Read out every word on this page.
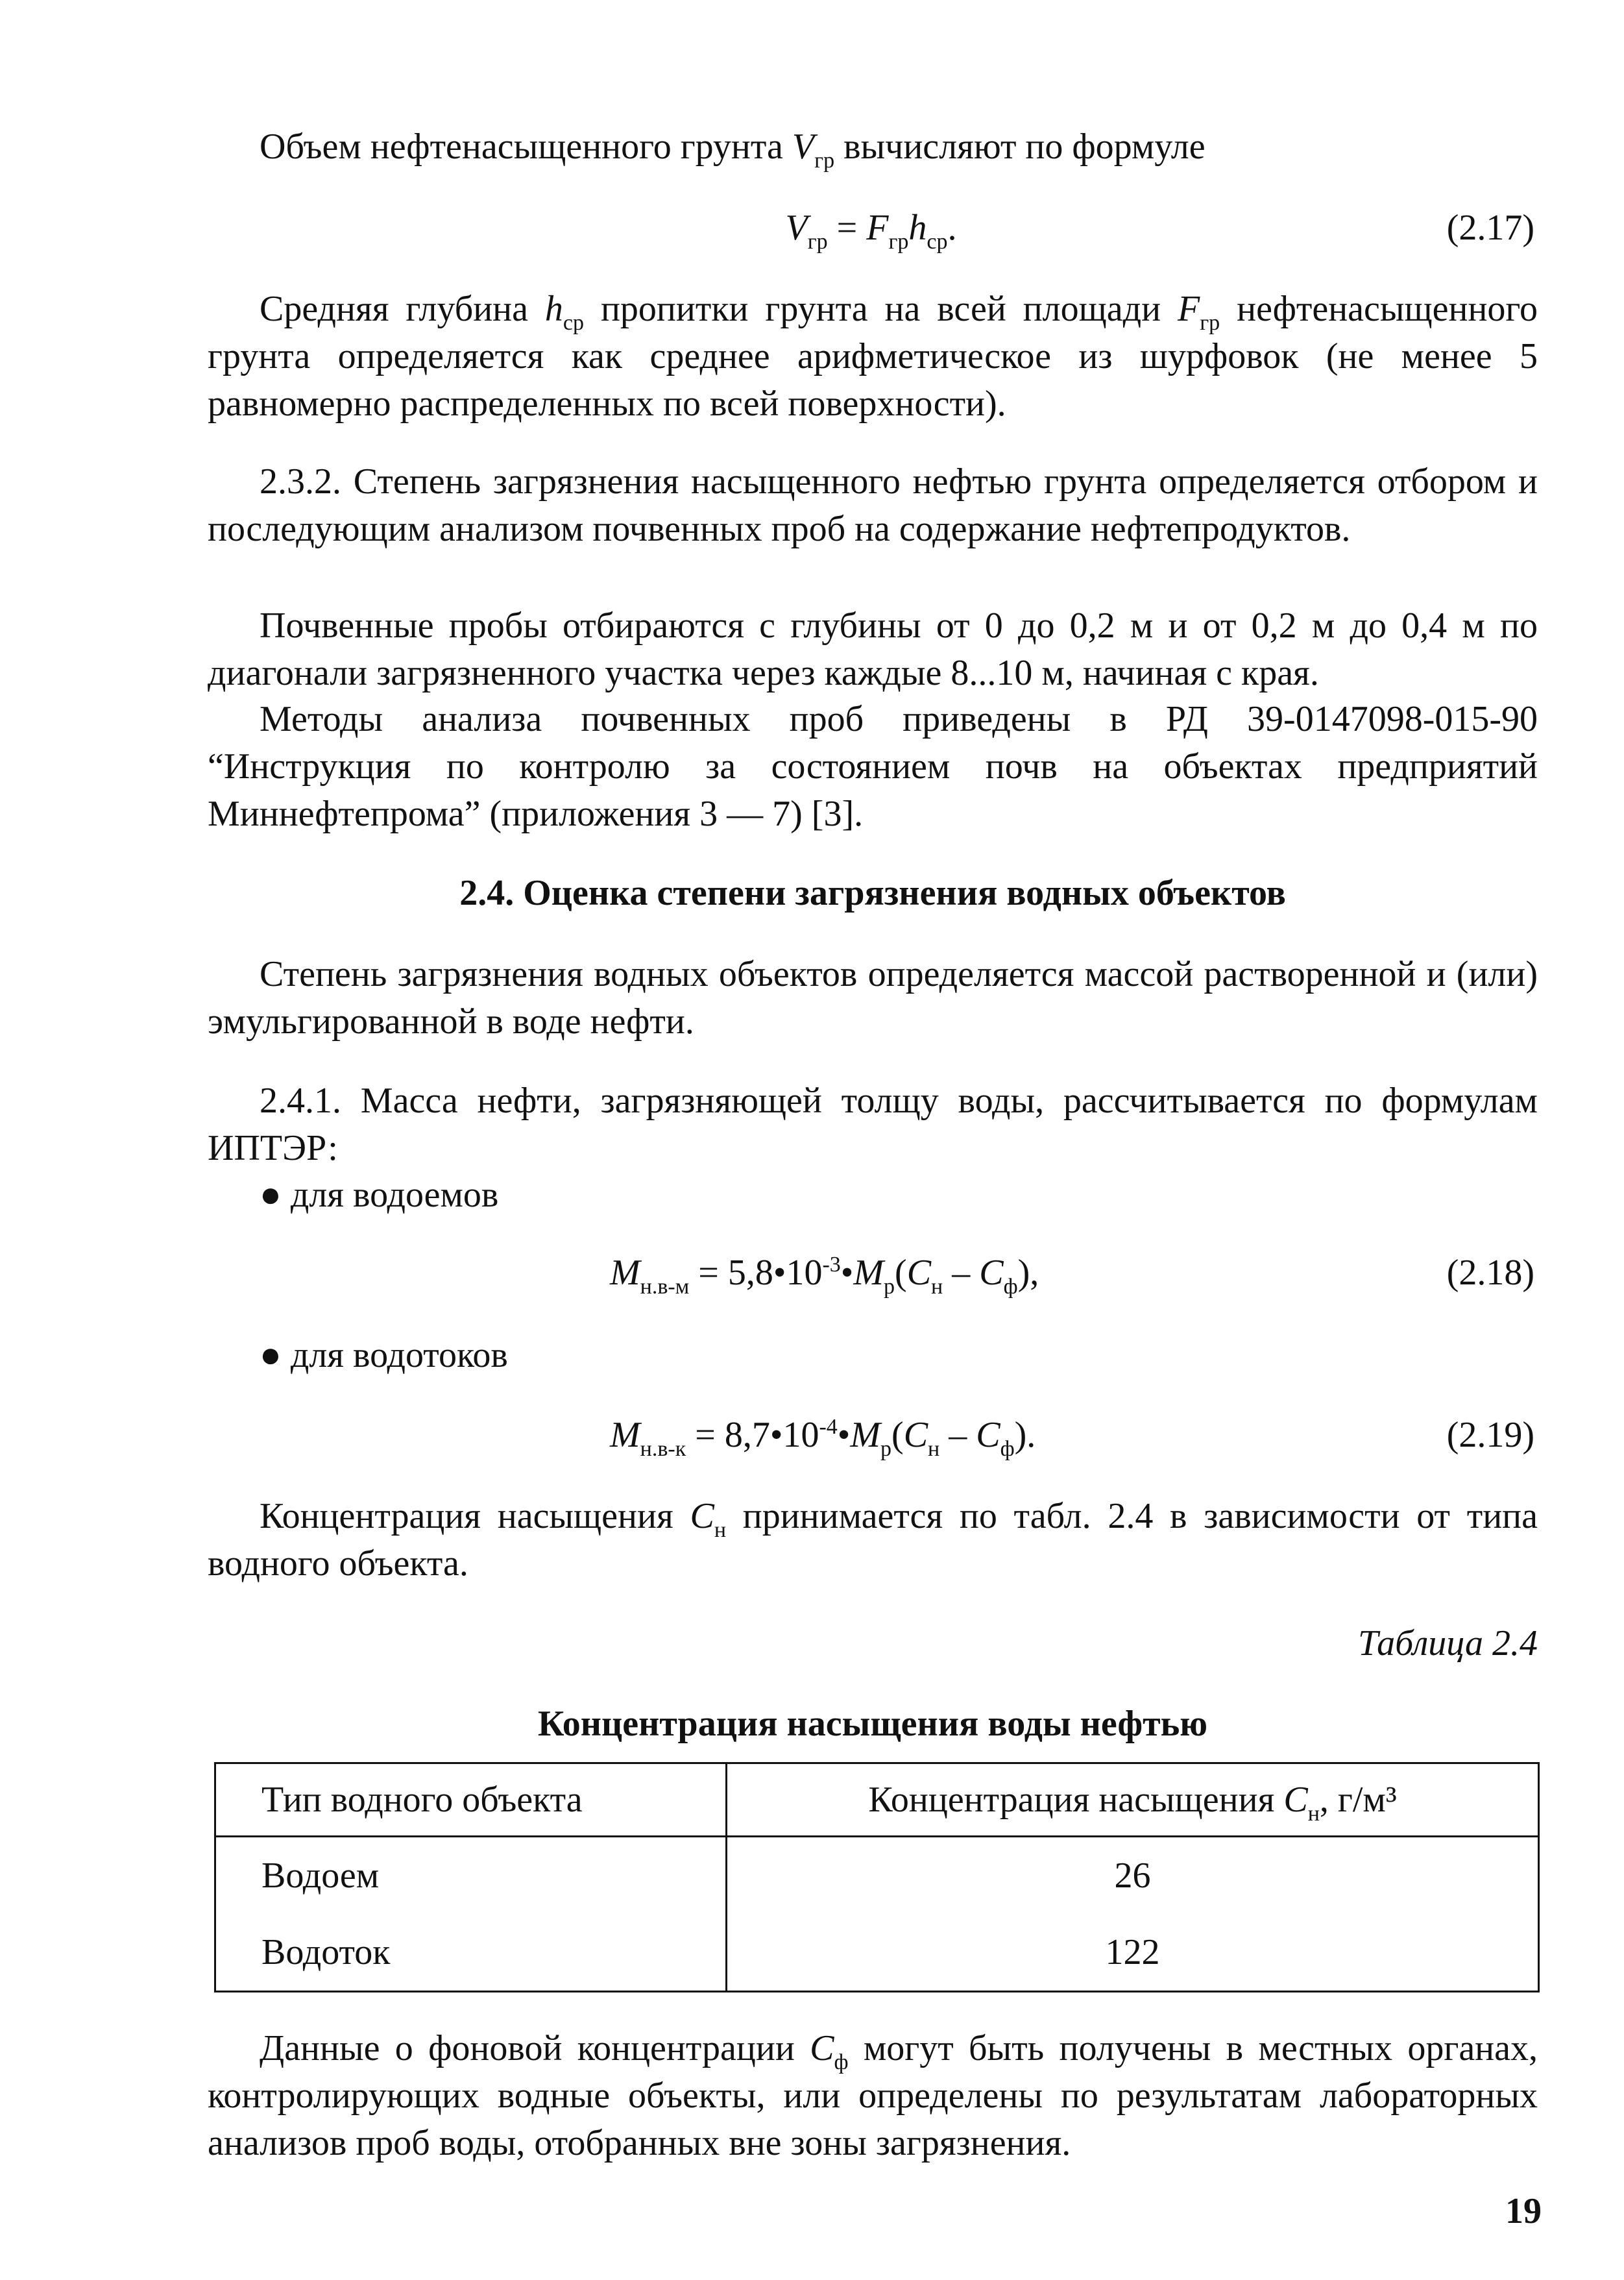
Объем нефтенасыщенного грунта $V_{гр}$ вычисляют по формуле
$V_{гр} = F_{гр}h_{ср}$.	(2.17)
Средняя глубина $h_{ср}$ пропитки грунта на всей площади $F_{гр}$ нефтенасыщенного грунта определяется как среднее арифметическое из шурфовок (не менее 5 равномерно распределенных по всей поверхности).
2.3.2. Степень загрязнения насыщенного нефтью грунта определяется отбором и последующим анализом почвенных проб на содержание нефтепродуктов.
Почвенные пробы отбираются с глубины от 0 до 0,2 м и от 0,2 м до 0,4 м по диагонали загрязненного участка через каждые 8...10 м, начиная с края.
Методы анализа почвенных проб приведены в РД 39-0147098-015-90 “Инструкция по контролю за состоянием почв на объектах предприятий Миннефтепрома” (приложения 3 — 7) [3].
2.4. Оценка степени загрязнения водных объектов
Степень загрязнения водных объектов определяется массой растворенной и (или) эмульгированной в воде нефти.
2.4.1. Масса нефти, загрязняющей толщу воды, рассчитывается по формулам ИПТЭР:
● для водоемов
$M_{н.в-м}$ = $5,8•10^{-3}•M_р(C_н - C_ф)$,	(2.18)
● для водотоков
$M_{н.в-к}$ = $8,7•10^{-4}•M_р(C_н - C_ф)$.	(2.19)
Концентрация насыщения $C_н$ принимается по табл. 2.4 в зависимости от типа водного объекта.
Таблица 2.4
Концентрация насыщения воды нефтью
Тип водного объекта	Концентрация насыщения $C_н$, г/м³
Водоем	26
Водоток	122
Данные о фоновой концентрации $C_ф$ могут быть получены в местных органах, контролирующих водные объекты, или определены по результатам лабораторных анализов проб воды, отобранных вне зоны загрязнения.
19
